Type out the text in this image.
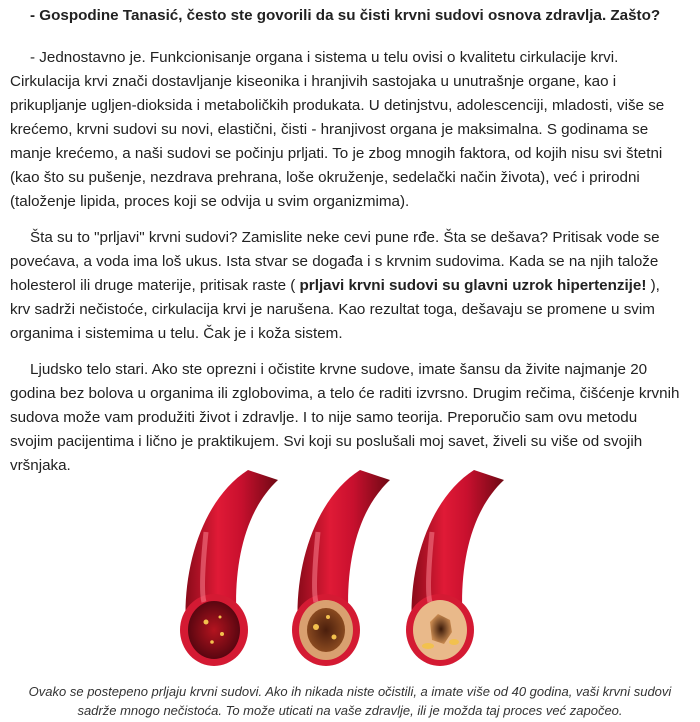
- Gospodine Tanasić, često ste govorili da su čisti krvni sudovi osnova zdravlja. Zašto?

- Jednostavno je. Funkcionisanje organa i sistema u telu ovisi o kvalitetu cirkulacije krvi. Cirkulacija krvi znači dostavljanje kiseonika i hranjivih sastojaka u unutrašnje organe, kao i prikupljanje ugljen-dioksida i metaboličkih produkata. U detinjstvu, adolescenciji, mladosti, više se krećemo, krvni sudovi su novi, elastični, čisti - hranjivost organa je maksimalna. S godinama se manje krećemo, a naši sudovi se počinju prljati. To je zbog mnogih faktora, od kojih nisu svi štetni (kao što su pušenje, nezdrava prehrana, loše okruženje, sedelački način života), već i prirodni (taloženje lipida, proces koji se odvija u svim organizmima).

Šta su to "prljavi" krvni sudovi? Zamislite neke cevi pune rđe. Šta se dešava? Pritisak vode se povećava, a voda ima loš ukus. Ista stvar se događa i s krvnim sudovima. Kada se na njih talože holesterol ili druge materije, pritisak raste ( prljavi krvni sudovi su glavni uzrok hipertenzije! ), krv sadrži nečistoće, cirkulacija krvi je narušena. Kao rezultat toga, dešavaju se promene u svim organima i sistemima u telu. Čak je i koža sistem.

Ljudsko telo stari. Ako ste oprezni i očistite krvne sudove, imate šansu da živite najmanje 20 godina bez bolova u organima ili zglobovima, a telo će raditi izvrsno. Drugim rečima, čišćenje krvnih sudova može vam produžiti život i zdravlje. I to nije samo teorija. Preporučio sam ovu metodu svojim pacijentima i lično je praktikujem. Svi koji su poslušali moj savet, živeli su više od svojih vršnjaka.

Ovako se postepeno prljaju krvni sudovi. Ako ih nikada niste očistili, a imate više od 40 godina, vaši krvni sudovi sadrže mnogo nečistoća. To može uticati na vaše zdravlje, ili je možda taj proces već započeo.
